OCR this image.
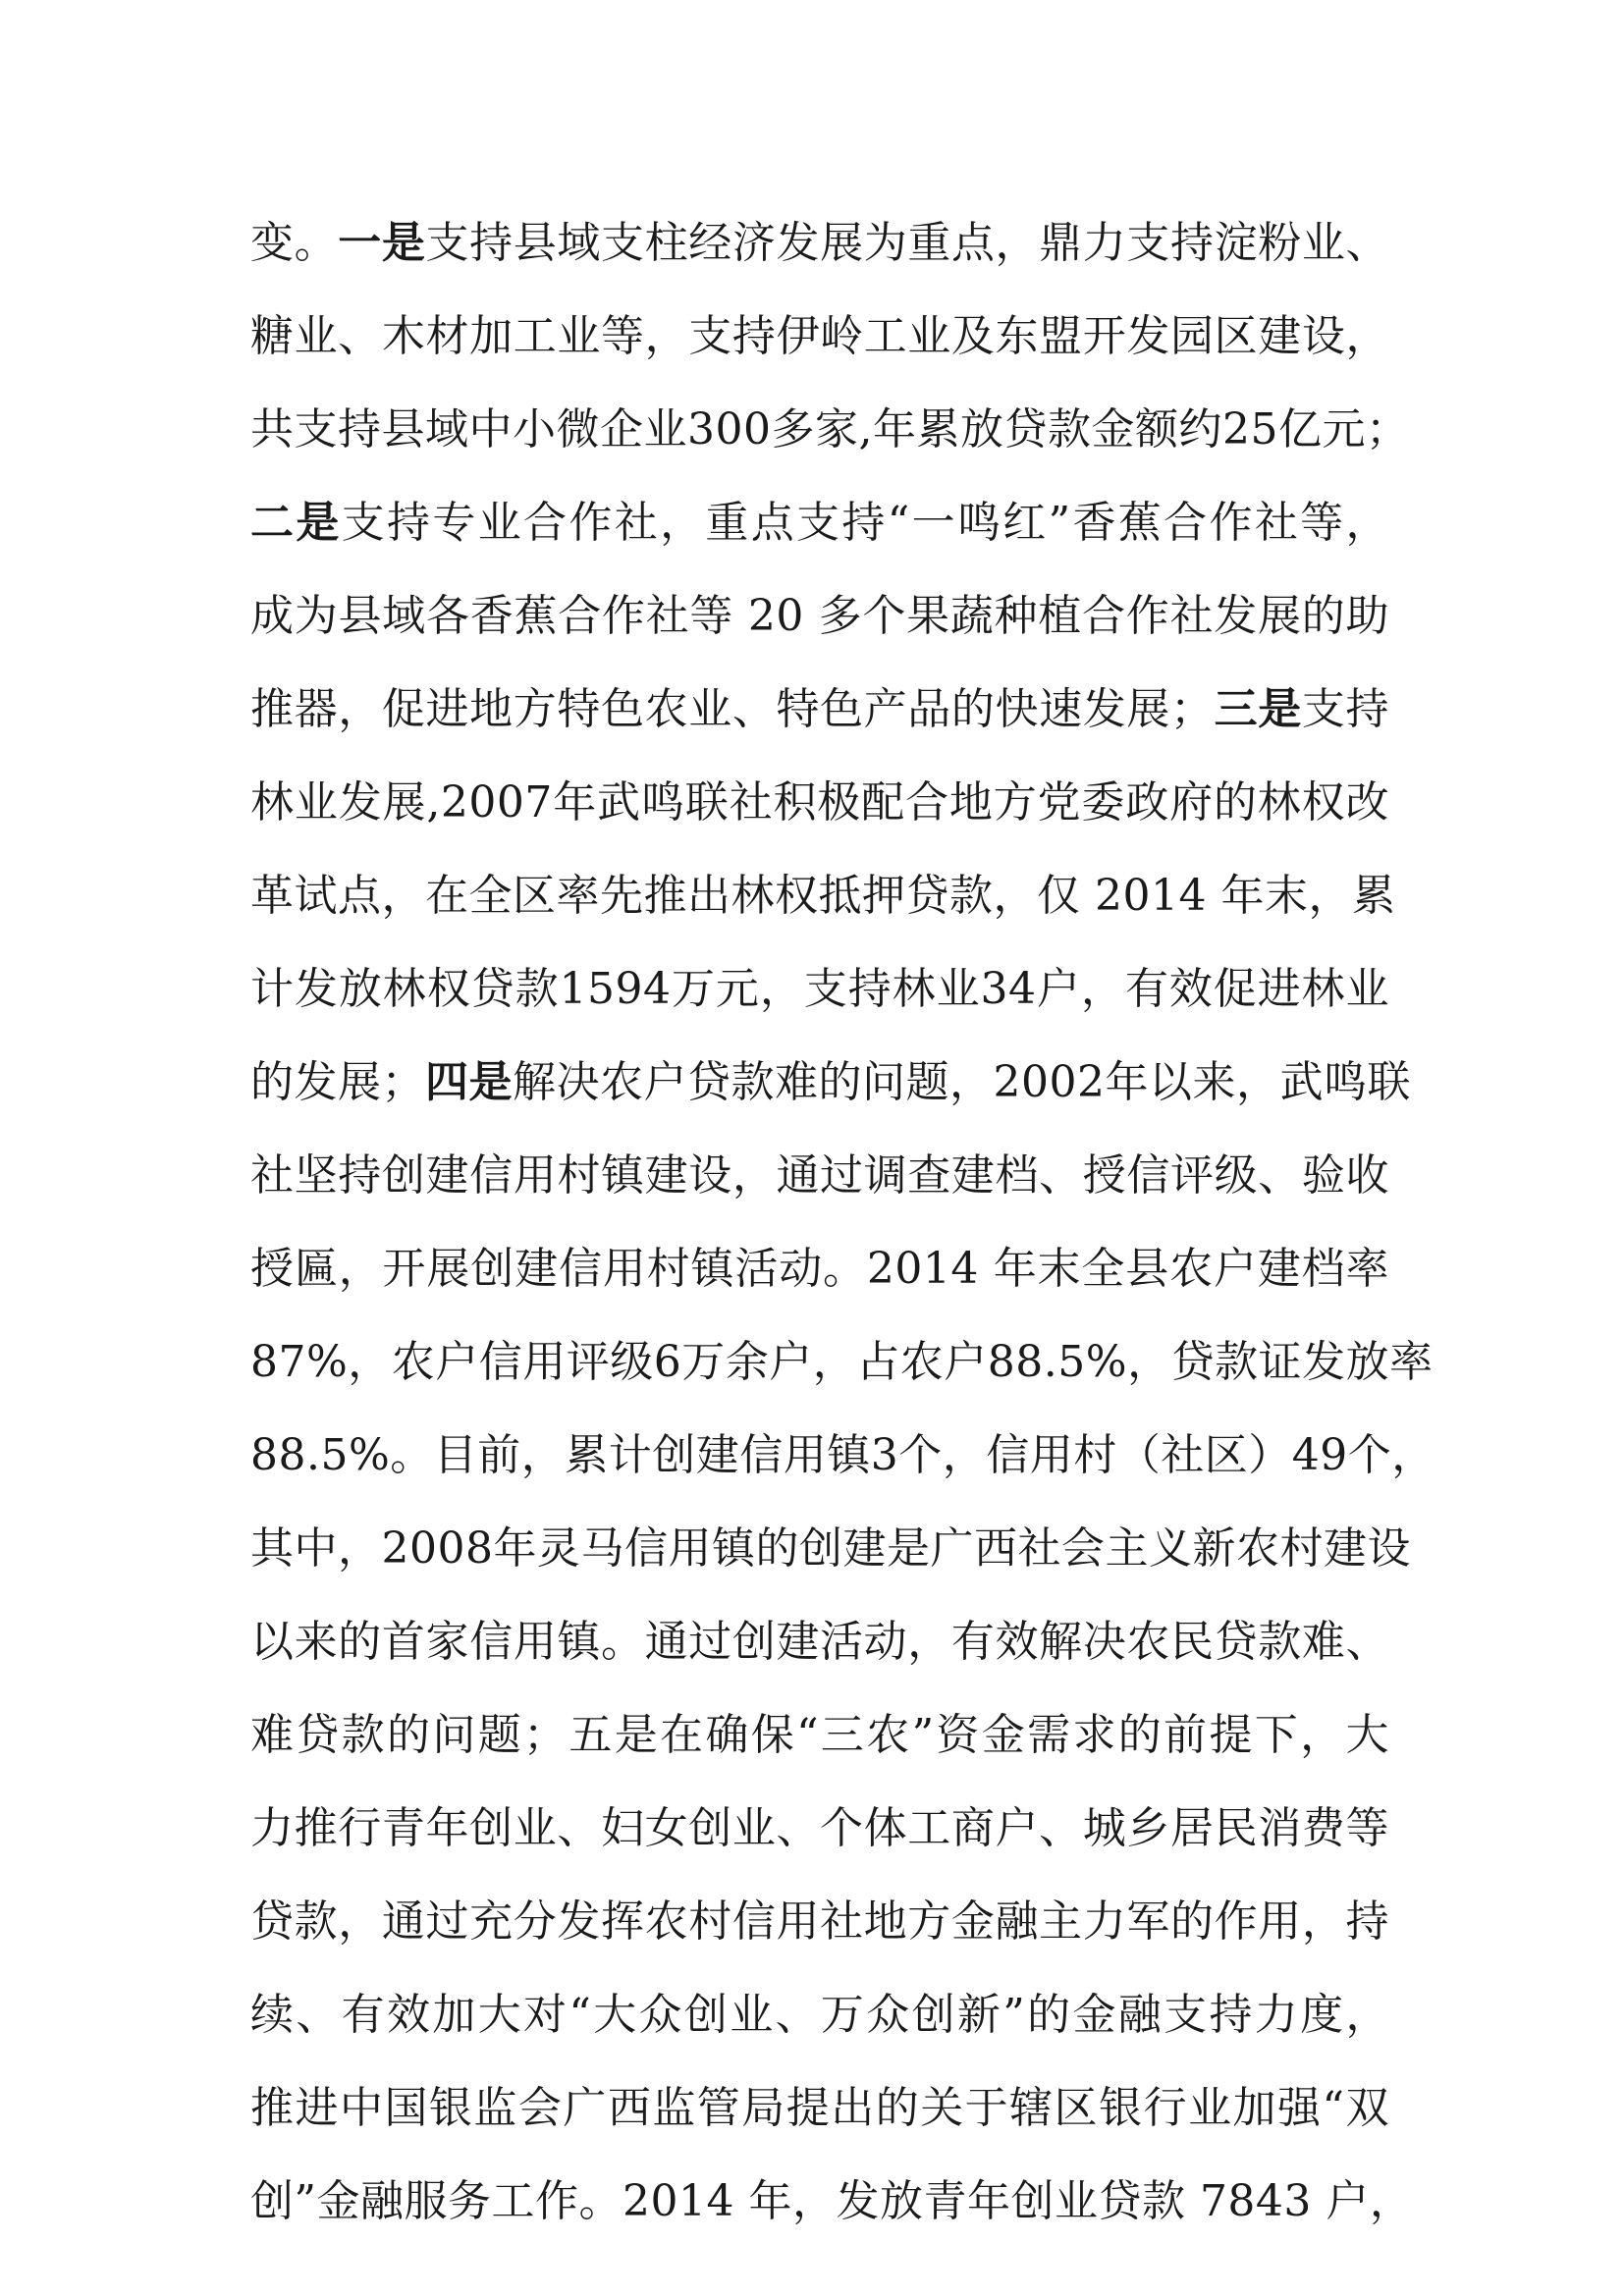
变。一是支持县域支柱经济发展为重点，鼎力支持淀粉业、
糖业、木材加工业等，支持伊岭工业及东盟开发园区建设，
共支持县域中小微企业300多家,年累放贷款金额约25亿元；
二是支持专业合作社，重点支持“一鸣红”香蕉合作社等，
成为县域各香蕉合作社等 20 多个果蔬种植合作社发展的助
推器，促进地方特色农业、特色产品的快速发展；三是支持
林业发展,2007年武鸣联社积极配合地方党委政府的林权改
革试点，在全区率先推出林权抵押贷款，仅 2014 年末，累
计发放林权贷款1594万元，支持林业34户，有效促进林业
的发展；四是解决农户贷款难的问题，2002年以来，武鸣联
社坚持创建信用村镇建设，通过调查建档、授信评级、验收
授匾，开展创建信用村镇活动。2014 年末全县农户建档率
87%，农户信用评级6万余户，占农户88.5%，贷款证发放率
88.5%。目前，累计创建信用镇3个，信用村（社区）49个，
其中，2008年灵马信用镇的创建是广西社会主义新农村建设
以来的首家信用镇。通过创建活动，有效解决农民贷款难、
难贷款的问题；五是在确保“三农”资金需求的前提下，大
力推行青年创业、妇女创业、个体工商户、城乡居民消费等
贷款，通过充分发挥农村信用社地方金融主力军的作用，持
续、有效加大对“大众创业、万众创新”的金融支持力度，
推进中国银监会广西监管局提出的关于辖区银行业加强“双
创”金融服务工作。2014 年，发放青年创业贷款 7843 户，
